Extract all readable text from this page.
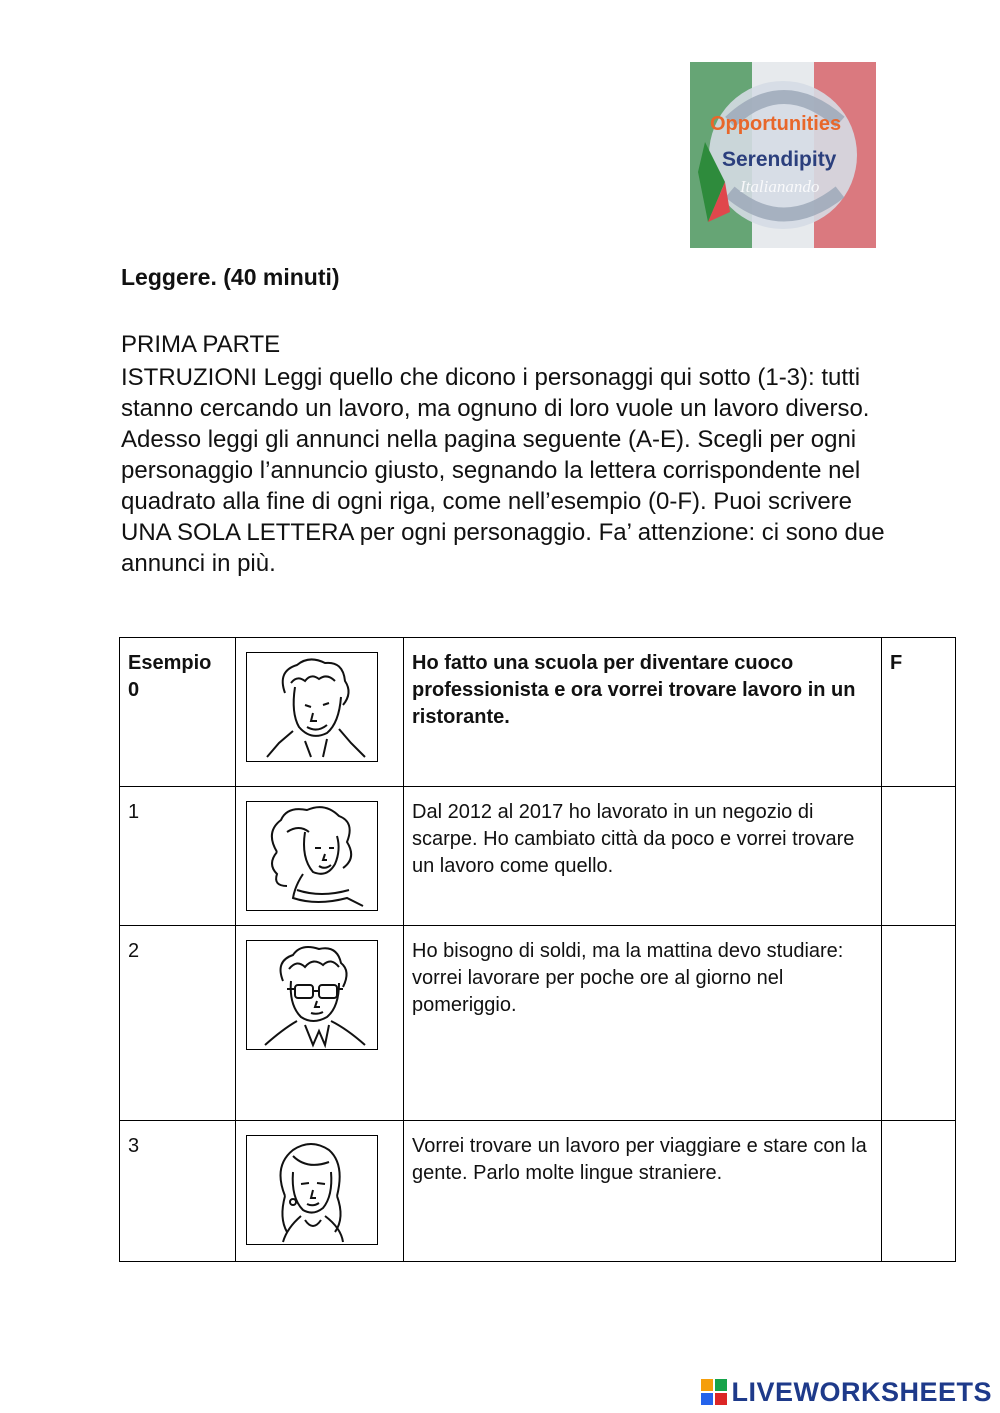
Opportunities
Serendipity
Italianando
Leggere. (40 minuti)

PRIMA PARTE

ISTRUZIONI Leggi quello che dicono i personaggi qui sotto (1-3): tutti stanno cercando un lavoro, ma ognuno di loro vuole un lavoro diverso. Adesso leggi gli annunci nella pagina seguente (A-E). Scegli per ogni personaggio l’annuncio giusto, segnando la lettera corrispondente nel quadrato alla fine di ogni riga, come nell’esempio (0-F). Puoi scrivere UNA SOLA LETTERA per ogni personaggio. Fa’ attenzione: ci sono due annunci in più.

Esempio 0		Ho fatto una scuola per diventare cuoco professionista e ora vorrei trovare lavoro in un ristorante.	F
1		Dal 2012 al 2017 ho lavorato in un negozio di scarpe. Ho cambiato città da poco e vorrei trovare un lavoro come quello.	
2		Ho bisogno di soldi, ma la mattina devo studiare: vorrei lavorare per poche ore al giorno nel pomeriggio.	
3		Vorrei trovare un lavoro per viaggiare e stare con la gente. Parlo molte lingue straniere.	
LIVEWORKSHEETS
